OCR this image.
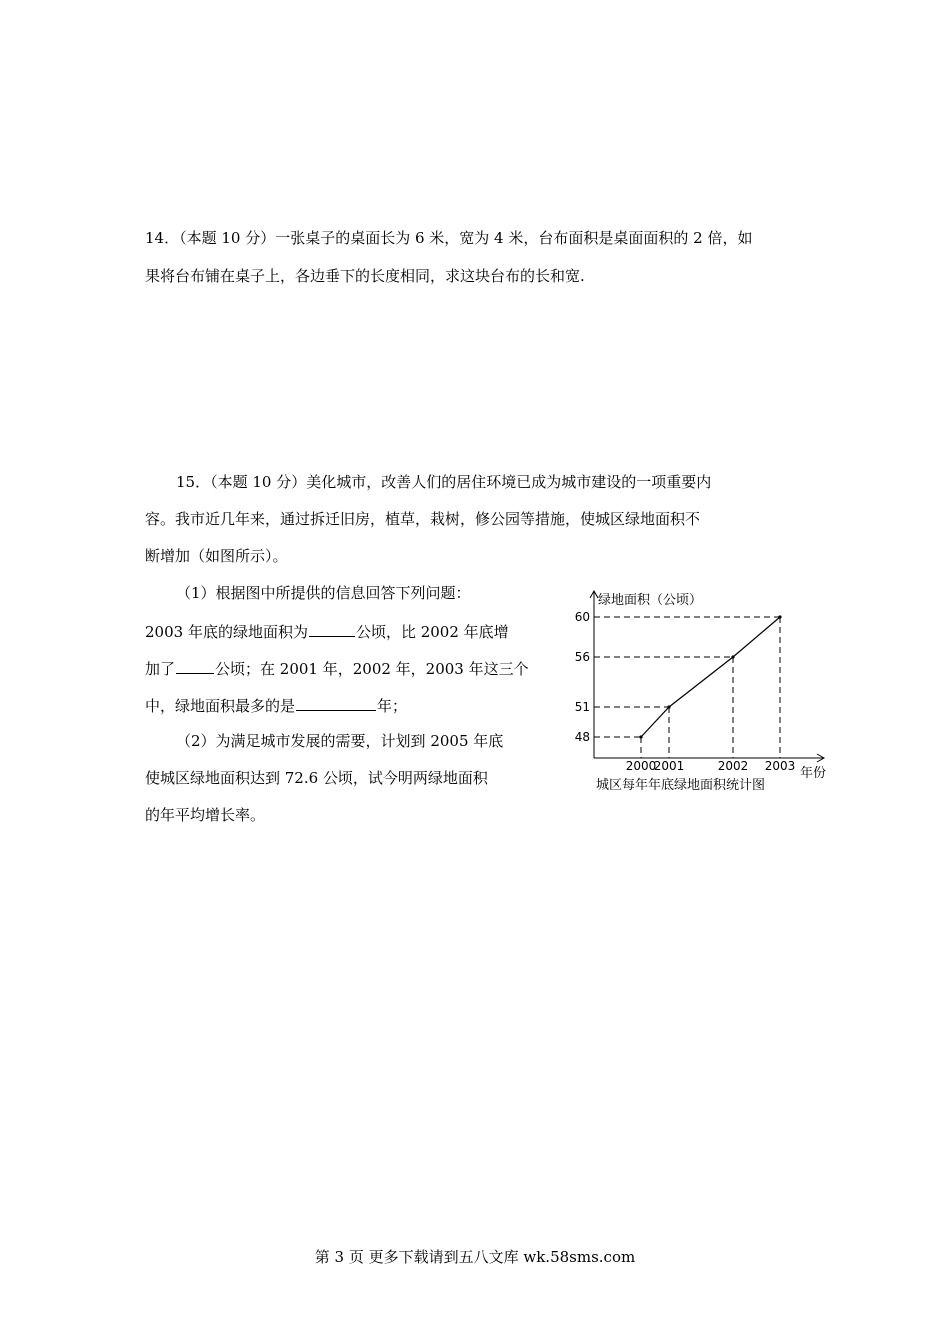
14．（本题 10 分）一张桌子的桌面长为 6 米，宽为 4 米，台布面积是桌面面积的 2 倍，如
果将台布铺在桌子上，各边垂下的长度相同，求这块台布的长和宽.
15．（本题 10 分）美化城市，改善人们的居住环境已成为城市建设的一项重要内
容。我市近几年来，通过拆迁旧房，植草，栽树，修公园等措施，使城区绿地面积不
断增加（如图所示）。
（1）根据图中所提供的信息回答下列问题：
2003 年底的绿地面积为	公顷，比 2002 年底增
加了	公顷；在 2001 年，2002 年，2003 年这三个
中，绿地面积最多的是	年；
（2）为满足城市发展的需要，计划到 2005 年底
使城区绿地面积达到 72.6 公顷，试今明两绿地面积
的年平均增长率。
48
2000
51
2001
56
2002
60
2003
绿地面积（公顷）
年份
城区每年年底绿地面积统计图
第 3 页 更多下载请到五八文库 wk.58sms.com
